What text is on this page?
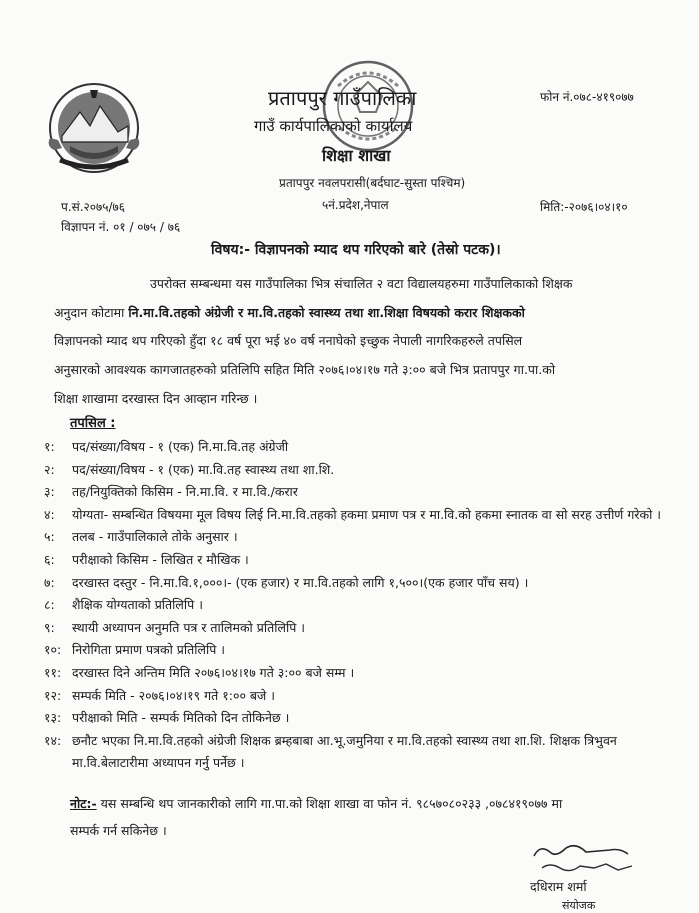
प्रतापपुर गाउँपालिका
गाउँ कार्यपालिकाको कार्यालय
शिक्षा शाखा
प्रतापपुर नवलपरासी(बर्दघाट-सुस्ता पश्चिम)
५नं.प्रदेश,नेपाल
फोन नं.०७८-४१९०७७
प.सं.२०७५/७६
विज्ञापन नं. ०१ / ०७५ / ७६
मिति:-२०७६।०४।१०
विषय:- विज्ञापनको म्याद थप गरिएको बारे (तेस्रो पटक)।

उपरोक्त सम्बन्धमा यस गाउँपालिका भित्र संचालित २ वटा विद्यालयहरुमा गाउँपालिकाको शिक्षक

अनुदान कोटामा नि.मा.वि.तहको अंग्रेजी र मा.वि.तहको स्वास्थ्य तथा शा.शिक्षा विषयको करार शिक्षकको

विज्ञापनको म्याद थप गरिएको हुँदा १८ वर्ष पूरा भई ४० वर्ष ननाघेको इच्छुक नेपाली नागरिकहरुले तपसिल

अनुसारको आवश्यक कागजातहरुको प्रतिलिपि सहित मिति २०७६।०४।१७ गते ३:०० बजे भित्र प्रतापपुर गा.पा.को

शिक्षा शाखामा दरखास्त दिन आव्हान गरिन्छ ।

तपसिल :
१:	पद/संख्या/विषय - १ (एक) नि.मा.वि.तह अंग्रेजी
२:	पद/संख्या/विषय - १ (एक) मा.वि.तह स्वास्थ्य तथा शा.शि.
३:	तह/नियुक्तिको किसिम - नि.मा.वि. र मा.वि./करार
४:	योग्यता- सम्बन्धित विषयमा मूल विषय लिई नि.मा.वि.तहको हकमा प्रमाण पत्र र मा.वि.को हकमा स्नातक वा सो सरह उत्तीर्ण गरेको ।
५:	तलब - गाउँपालिकाले तोके अनुसार ।
६:	परीक्षाको किसिम - लिखित र मौखिक ।
७:	दरखास्त दस्तुर - नि.मा.वि.१,०००।- (एक हजार) र मा.वि.तहको लागि १,५००।(एक हजार पाँच सय) ।
८:	शैक्षिक योग्यताको प्रतिलिपि ।
९:	स्थायी अध्यापन अनुमति पत्र र तालिमको प्रतिलिपि ।
१०: निरोगिता प्रमाण पत्रको प्रतिलिपि ।
११: दरखास्त दिने अन्तिम मिति २०७६।०४।१७ गते ३:०० बजे सम्म ।
१२: सम्पर्क मिति - २०७६।०४।१९ गते १:०० बजे ।
१३: परीक्षाको मिति - सम्पर्क मितिको दिन तोकिनेछ ।
१४: छनौट भएका नि.मा.वि.तहको अंग्रेजी शिक्षक ब्रम्हबाबा आ.भू.जमुनिया र मा.वि.तहको स्वास्थ्य तथा शा.शि. शिक्षक त्रिभुवन मा.वि.बेलाटारीमा अध्यापन गर्नु पर्नेछ ।
नोट:- यस सम्बन्धि थप जानकारीको लागि गा.पा.को शिक्षा शाखा वा फोन नं. ९८५७०८०२३३ ,०७८४१९०७७ मा
सम्पर्क गर्न सकिनेछ ।
दधिराम शर्मा
संयोजक
